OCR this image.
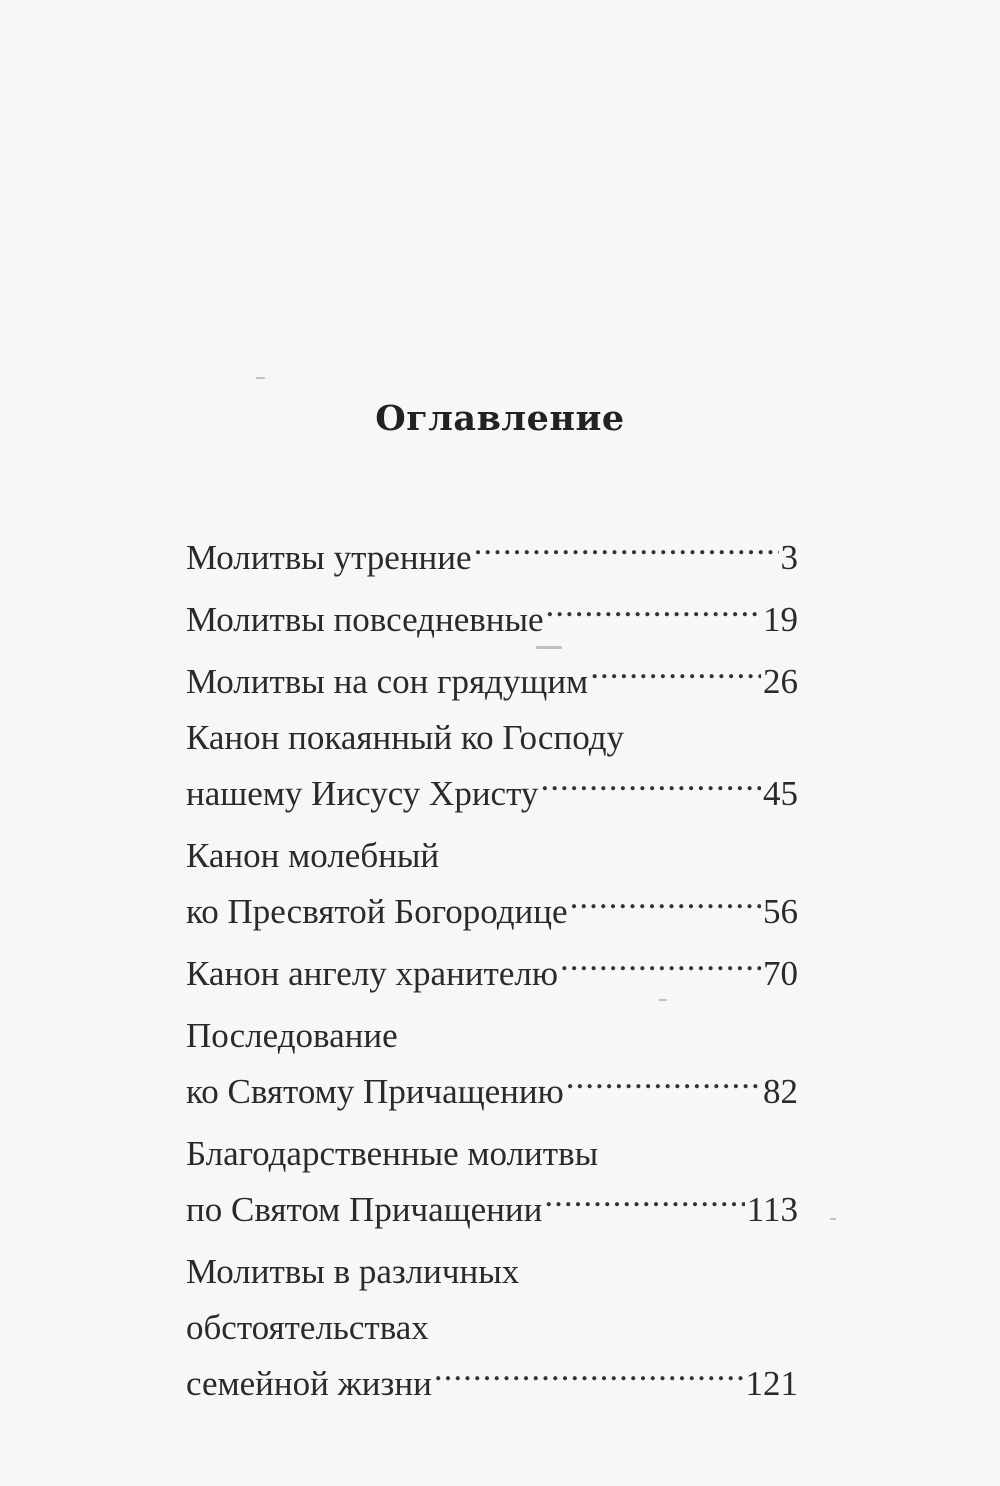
Оглавление
Молитвы утренние .....	3
Молитвы повседневные .....	19
Молитвы на сон грядущим .....	26
Канон покаянный ко Господу
нашему Иисусу Христу .....	45
Канон молебный
ко Пресвятой Богородице .....	56
Канон ангелу хранителю .....	70
Последование
ко Святому Причащению .....	82
Благодарственные молитвы
по Святом Причащении .....	113
Молитвы в различных
обстоятельствах
семейной жизни .....	121
